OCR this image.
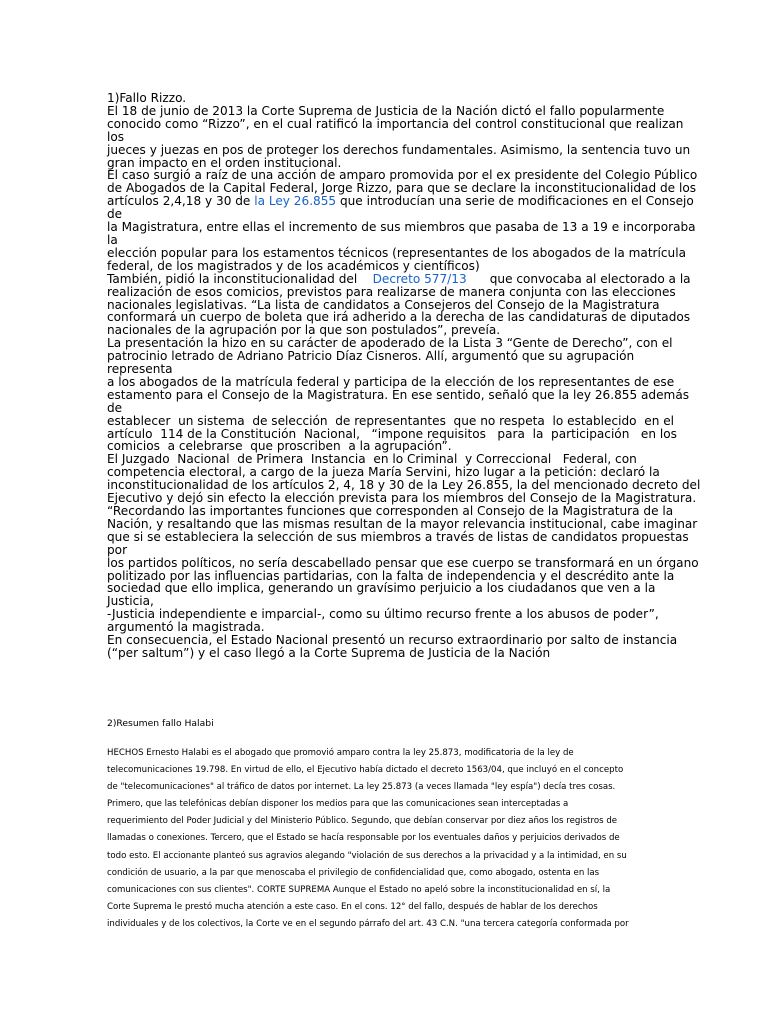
1)Fallo Rizzo.
El 18 de junio de 2013 la Corte Suprema de Justicia de la Nación dictó el fallo popularmente
conocido como “Rizzo”, en el cual ratificó la importancia del control constitucional que realizan
los
jueces y juezas en pos de proteger los derechos fundamentales. Asimismo, la sentencia tuvo un
gran impacto en el orden institucional.
El caso surgió a raíz de una acción de amparo promovida por el ex presidente del Colegio Público
de Abogados de la Capital Federal, Jorge Rizzo, para que se declare la inconstitucionalidad de los
artículos 2,4,18 y 30 de la Ley 26.855 que introducían una serie de modificaciones en el Consejo
de
la Magistratura, entre ellas el incremento de sus miembros que pasaba de 13 a 19 e incorporaba
la
elección popular para los estamentos técnicos (representantes de los abogados de la matrícula
federal, de los magistrados y de los académicos y científicos)
También, pidió la inconstitucionalidad del    Decreto 577/13      que convocaba al electorado a la
realización de esos comicios, previstos para realizarse de manera conjunta con las elecciones
nacionales legislativas. “La lista de candidatos a Consejeros del Consejo de la Magistratura
conformará un cuerpo de boleta que irá adherido a la derecha de las candidaturas de diputados
nacionales de la agrupación por la que son postulados”, preveía.
La presentación la hizo en su carácter de apoderado de la Lista 3 “Gente de Derecho”, con el
patrocinio letrado de Adriano Patricio Díaz Cisneros. Allí, argumentó que su agrupación
representa
a los abogados de la matrícula federal y participa de la elección de los representantes de ese
estamento para el Consejo de la Magistratura. En ese sentido, señaló que la ley 26.855 además
de
establecer  un sistema  de selección  de representantes  que no respeta  lo establecido  en el
artículo  114 de la Constitución  Nacional,   “impone requisitos   para  la  participación   en los
comicios  a celebrarse  que proscriben  a la agrupación”.
El Juzgado  Nacional  de Primera  Instancia  en lo Criminal  y Correccional   Federal, con
competencia electoral, a cargo de la jueza María Servini, hizo lugar a la petición: declaró la
inconstitucionalidad de los artículos 2, 4, 18 y 30 de la Ley 26.855, la del mencionado decreto del
Ejecutivo y dejó sin efecto la elección prevista para los miembros del Consejo de la Magistratura.
“Recordando las importantes funciones que corresponden al Consejo de la Magistratura de la
Nación, y resaltando que las mismas resultan de la mayor relevancia institucional, cabe imaginar
que si se estableciera la selección de sus miembros a través de listas de candidatos propuestas
por
los partidos políticos, no sería descabellado pensar que ese cuerpo se transformará en un órgano
politizado por las influencias partidarias, con la falta de independencia y el descrédito ante la
sociedad que ello implica, generando un gravísimo perjuicio a los ciudadanos que ven a la
Justicia,
-Justicia independiente e imparcial-, como su último recurso frente a los abusos de poder”,
argumentó la magistrada.
En consecuencia, el Estado Nacional presentó un recurso extraordinario por salto de instancia
(“per saltum”) y el caso llegó a la Corte Suprema de Justicia de la Nación
2)Resumen fallo Halabi
HECHOS Ernesto Halabi es el abogado que promovió amparo contra la ley 25.873, modificatoria de la ley de
telecomunicaciones 19.798. En virtud de ello, el Ejecutivo había dictado el decreto 1563/04, que incluyó en el concepto
de "telecomunicaciones" al tráfico de datos por internet. La ley 25.873 (a veces llamada "ley espía") decía tres cosas.
Primero, que las telefónicas debían disponer los medios para que las comunicaciones sean interceptadas a
requerimiento del Poder Judicial y del Ministerio Público. Segundo, que debían conservar por diez años los registros de
llamadas o conexiones. Tercero, que el Estado se hacía responsable por los eventuales daños y perjuicios derivados de
todo esto. El accionante planteó sus agravios alegando "violación de sus derechos a la privacidad y a la intimidad, en su
condición de usuario, a la par que menoscaba el privilegio de confidencialidad que, como abogado, ostenta en las
comunicaciones con sus clientes". CORTE SUPREMA Aunque el Estado no apeló sobre la inconstitucionalidad en sí, la
Corte Suprema le prestó mucha atención a este caso. En el cons. 12° del fallo, después de hablar de los derechos
individuales y de los colectivos, la Corte ve en el segundo párrafo del art. 43 C.N. "una tercera categoría conformada por
